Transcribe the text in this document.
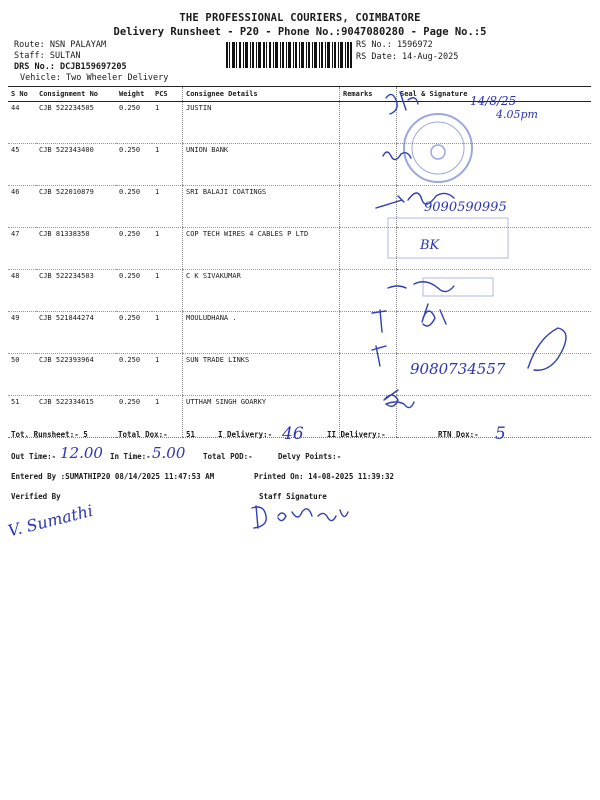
THE PROFESSIONAL COURIERS, COIMBATORE
Delivery Runsheet - P20 - Phone No.:9047080280 - Page No.:5
Route: NSN PALAYAM
Staff: SULTAN
DRS No.: DCJB159697205
Vehicle: Two Wheeler Delivery
RS No.: 1596972
RS Date: 14-Aug-2025
S No	Consignment No	Weight	PCS	Consignee Details	Remarks	Seal & Signature
44	CJB 522234505	0.250	1	JUSTIN		
45	CJB 522343400	0.250	1	UNION BANK		
46	CJB 522010879	0.250	1	SRI BALAJI COATINGS		
47	CJB 81338350	0.250	1	COP TECH WIRES 4 CABLES P LTD		
48	CJB 522234503	0.250	1	C K SIVAKUMAR		
49	CJB 521844274	0.250	1	MOULUDHANA .		
50	CJB 522393964	0.250	1	SUN TRADE LINKS		
51	CJB 522334615	0.250	1	UTTHAM SINGH GOARKY		
14/8/25
4.05pm
9090590995
BK
9080734557
Tot. Runsheet:- 5	Total Dox:- 51	I Delivery:- 46	II Delivery:-	RTN Dox:- 5
Out Time:- 12.00 In Time:- 5.00 Total POD:-	Delvy Points:-
Entered By :SUMATHIP20 08/14/2025 11:47:53 AM	Printed On: 14-08-2025 11:39:32
Verified By	Staff Signature
V. Sumathi
